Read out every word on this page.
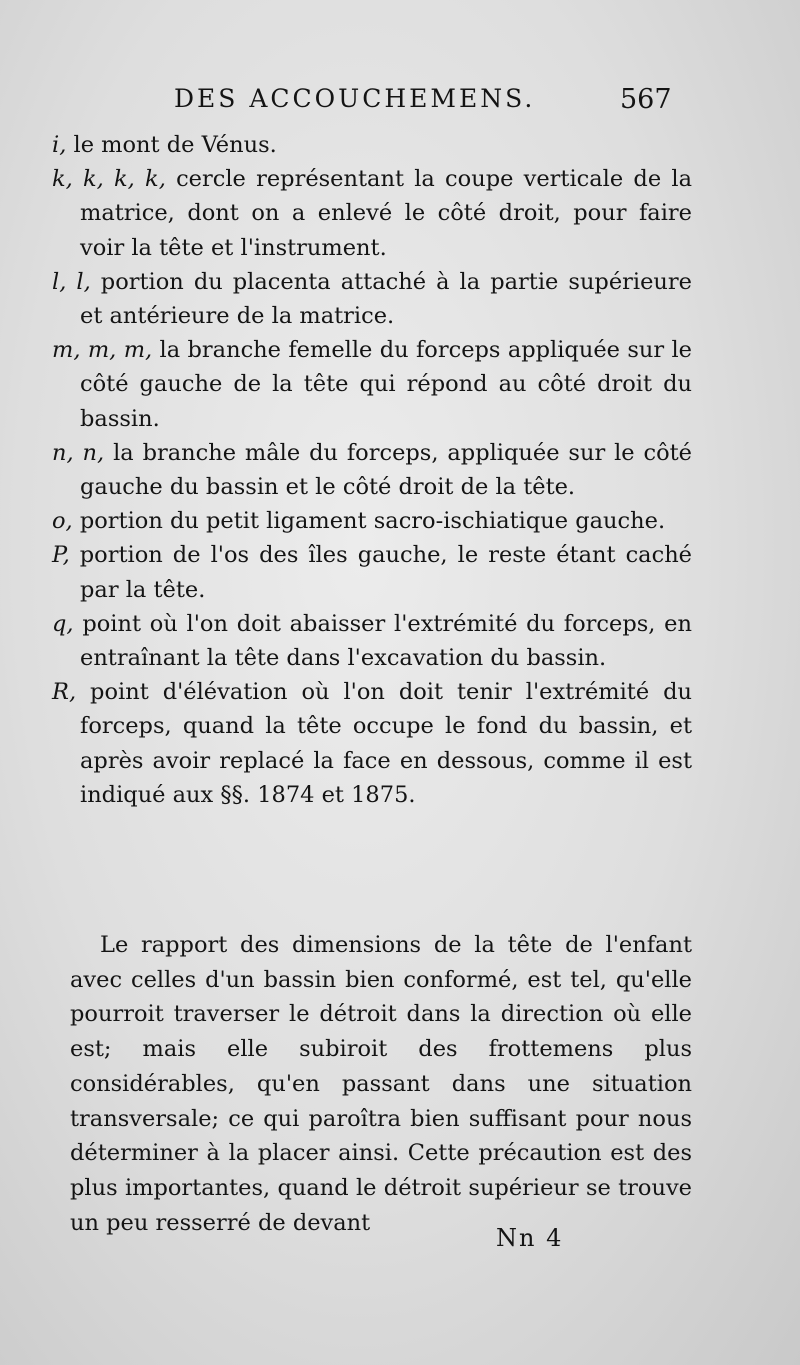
DES ACCOUCHEMENS.	567

i, le mont de Vénus.

k, k, k, k, cercle représentant la coupe verticale de la matrice, dont on a enlevé le côté droit, pour faire voir la tête et l'instrument.

l, l, portion du placenta attaché à la partie supérieure et antérieure de la matrice.

m, m, m, la branche femelle du forceps appliquée sur le côté gauche de la tête qui répond au côté droit du bassin.

n, n, la branche mâle du forceps, appliquée sur le côté gauche du bassin et le côté droit de la tête.

o, portion du petit ligament sacro-ischiatique gauche.

P, portion de l'os des îles gauche, le reste étant caché par la tête.

q, point où l'on doit abaisser l'extrémité du forceps, en entraînant la tête dans l'excavation du bassin.

R, point d'élévation où l'on doit tenir l'extrémité du forceps, quand la tête occupe le fond du bassin, et après avoir replacé la face en dessous, comme il est indiqué aux §§. 1874 et 1875.

Le rapport des dimensions de la tête de l'enfant avec celles d'un bassin bien conformé, est tel, qu'elle pourroit traverser le détroit dans la direction où elle est; mais elle subiroit des frottemens plus considérables, qu'en passant dans une situation transversale; ce qui paroîtra bien suffisant pour nous déterminer à la placer ainsi. Cette précaution est des plus importantes, quand le détroit supérieur se trouve un peu resserré de devant

Nn 4
